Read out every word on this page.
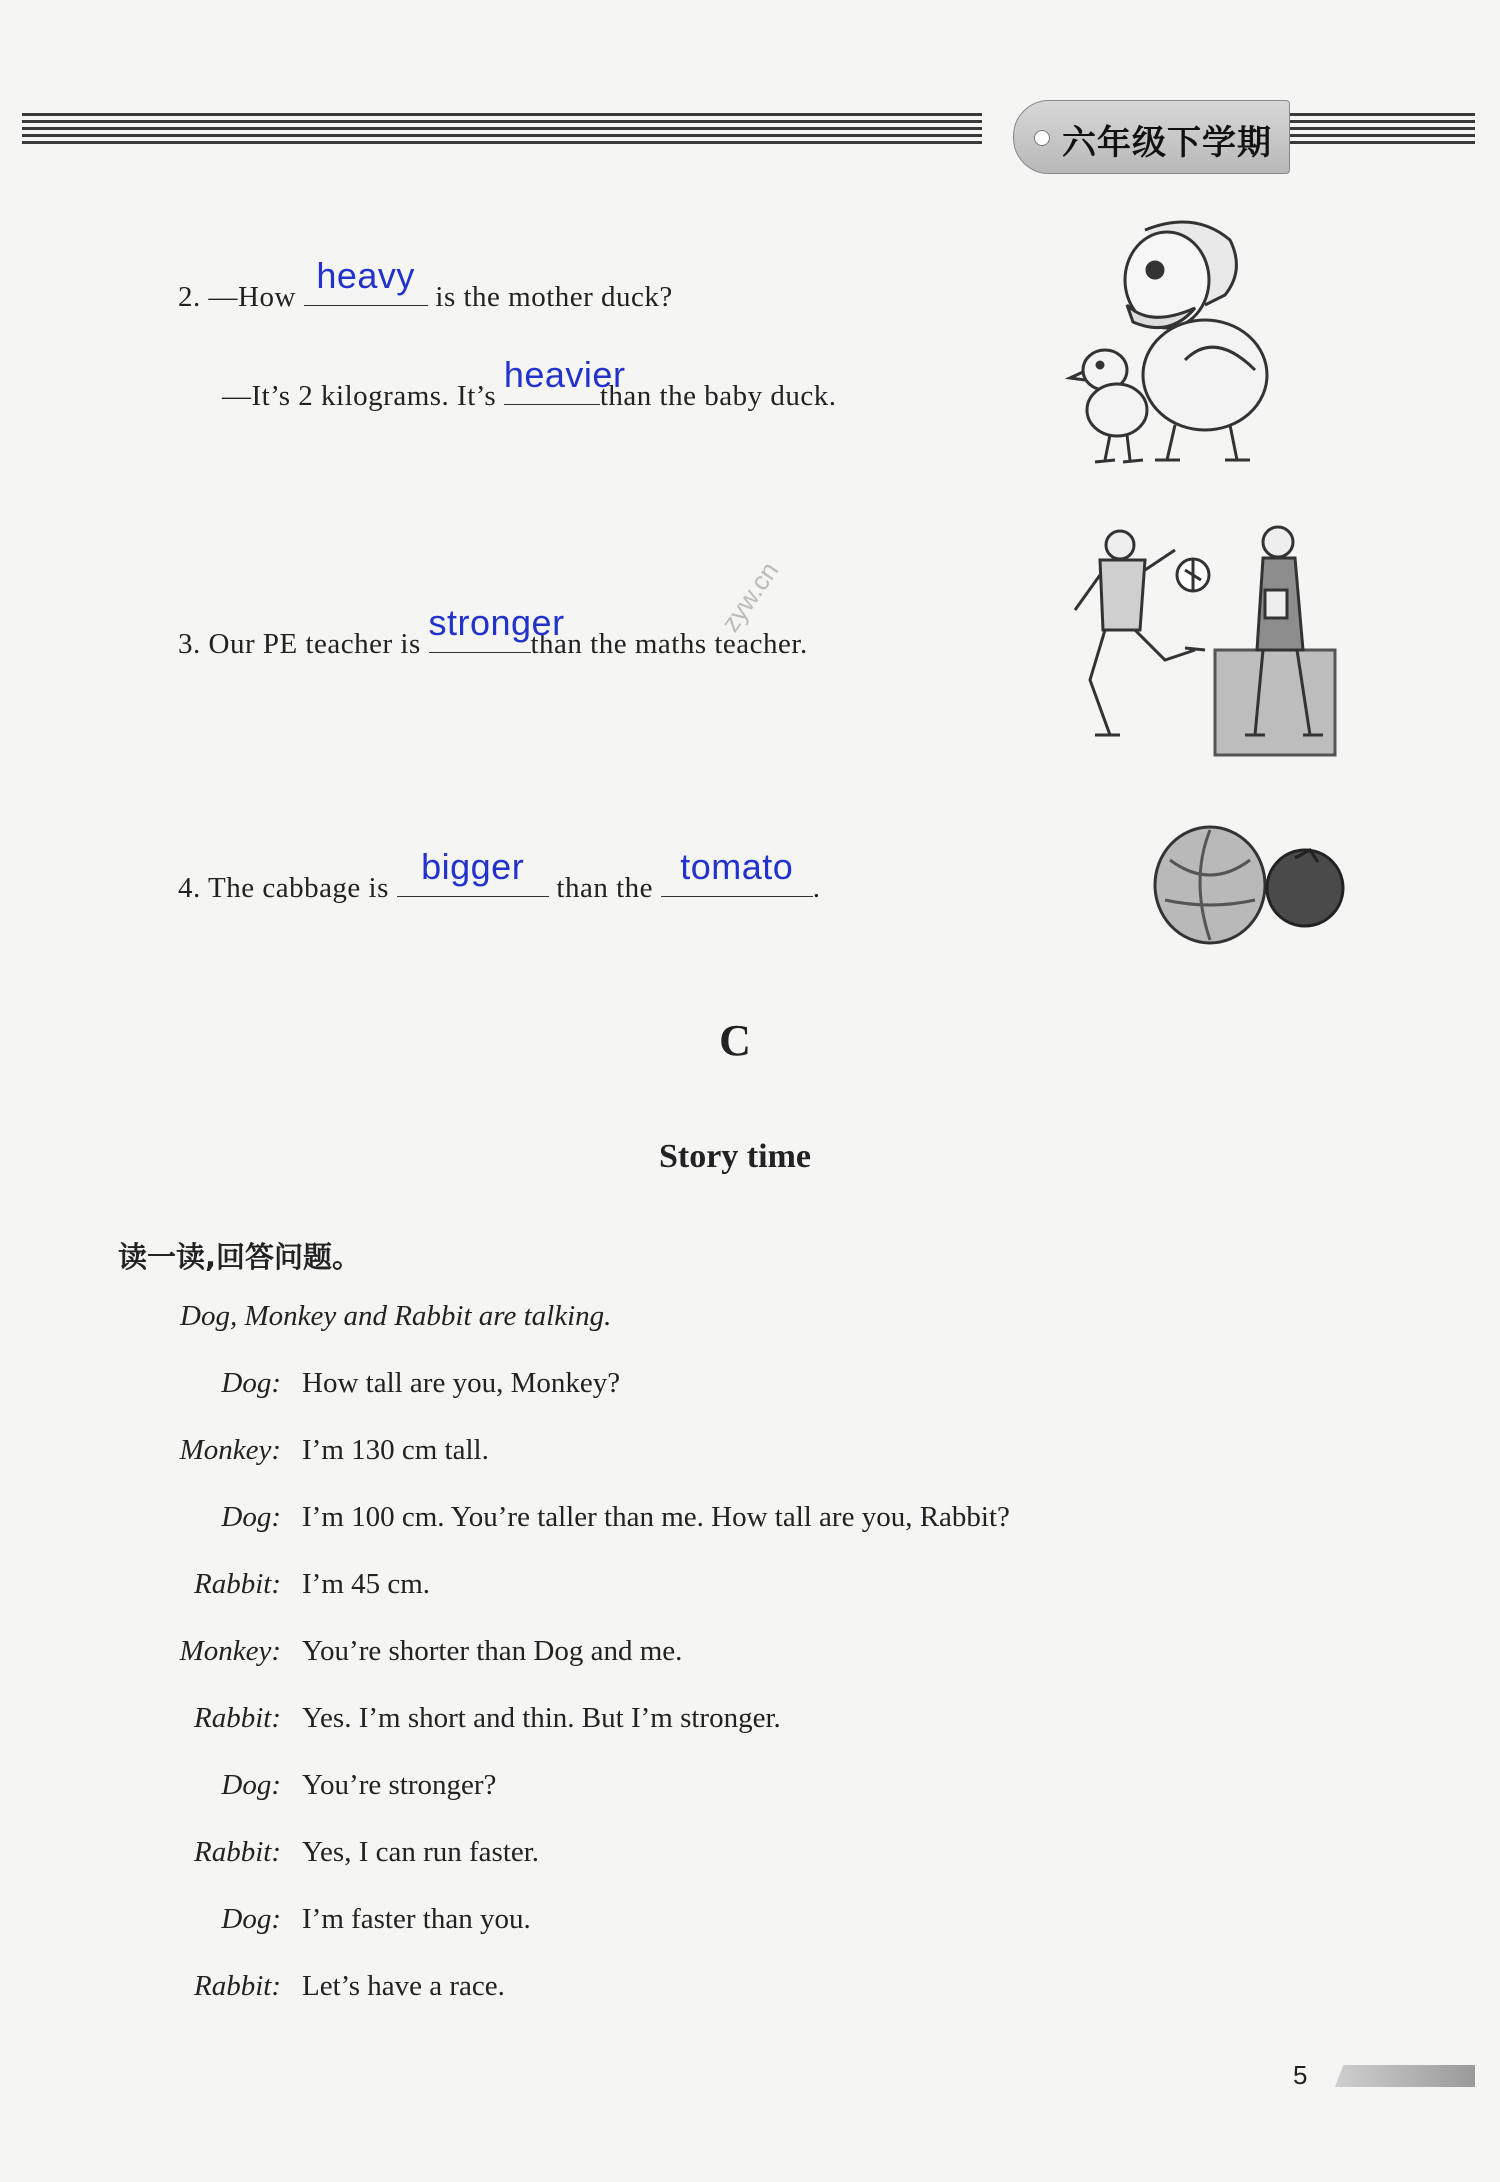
六年级下学期
2. —How
heavy
is the mother duck?
—It’s 2 kilograms. It’s
heavier
than the baby duck.
3. Our PE teacher is
stronger
than the maths teacher.
zyw.cn
4. The cabbage is
bigger
than the
tomato
.
C
Story time
读一读,回答问题。
Dog, Monkey and Rabbit are talking.
Dog: How tall are you, Monkey?
Monkey: I’m 130 cm tall.
Dog: I’m 100 cm. You’re taller than me. How tall are you, Rabbit?
Rabbit: I’m 45 cm.
Monkey: You’re shorter than Dog and me.
Rabbit: Yes. I’m short and thin. But I’m stronger.
Dog: You’re stronger?
Rabbit: Yes, I can run faster.
Dog: I’m faster than you.
Rabbit: Let’s have a race.
5
